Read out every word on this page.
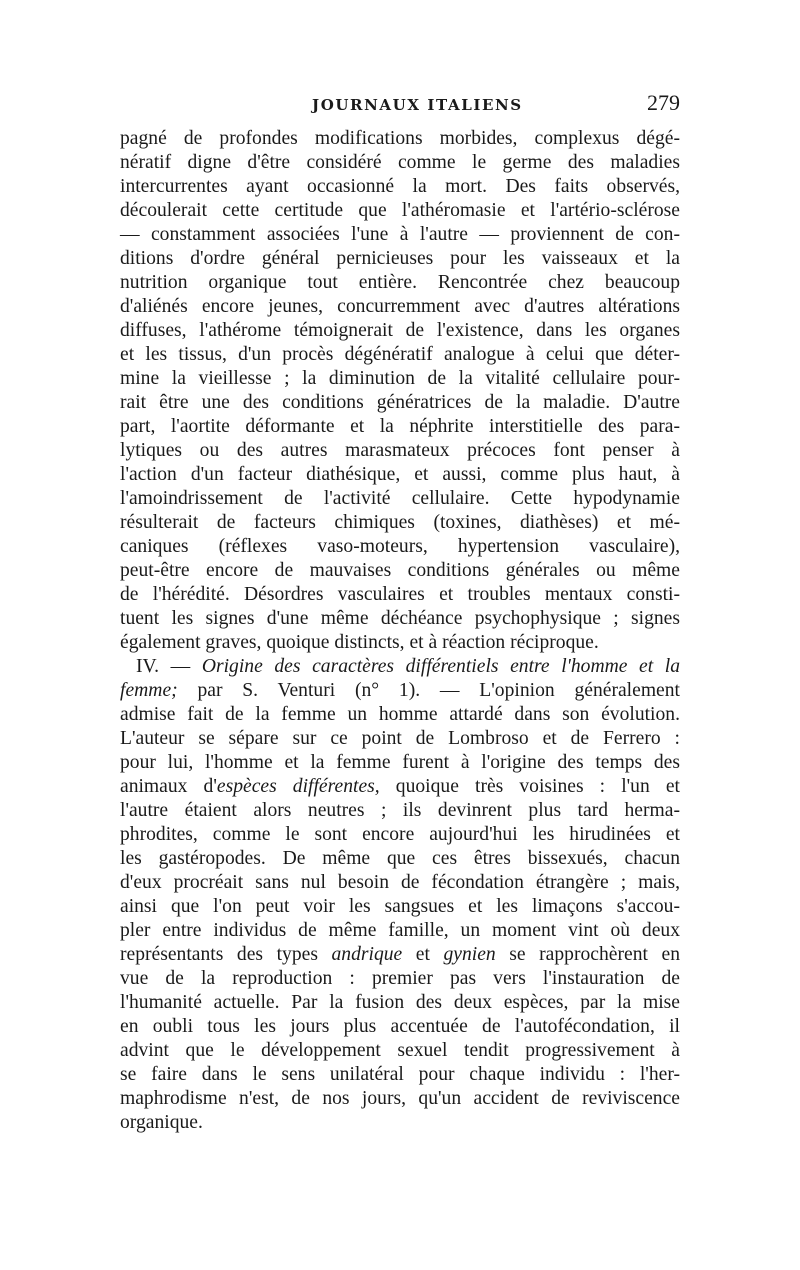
JOURNAUX ITALIENS	279
pagné de profondes modifications morbides, complexus dégé-
nératif digne d'être considéré comme le germe des maladies
intercurrentes ayant occasionné la mort. Des faits observés,
découlerait cette certitude que l'athéromasie et l'artério-sclérose
— constamment associées l'une à l'autre — proviennent de con-
ditions d'ordre général pernicieuses pour les vaisseaux et la
nutrition organique tout entière. Rencontrée chez beaucoup
d'aliénés encore jeunes, concurremment avec d'autres altérations
diffuses, l'athérome témoignerait de l'existence, dans les organes
et les tissus, d'un procès dégénératif analogue à celui que déter-
mine la vieillesse ; la diminution de la vitalité cellulaire pour-
rait être une des conditions génératrices de la maladie. D'autre
part, l'aortite déformante et la néphrite interstitielle des para-
lytiques ou des autres marasmateux précoces font penser à
l'action d'un facteur diathésique, et aussi, comme plus haut, à
l'amoindrissement de l'activité cellulaire. Cette hypodynamie
résulterait de facteurs chimiques (toxines, diathèses) et mé-
caniques (réflexes vaso-moteurs, hypertension vasculaire),
peut-être encore de mauvaises conditions générales ou même
de l'hérédité. Désordres vasculaires et troubles mentaux consti-
tuent les signes d'une même déchéance psychophysique ; signes
également graves, quoique distincts, et à réaction réciproque.
IV. — Origine des caractères différentiels entre l'homme et la
femme; par S. Venturi (n° 1). — L'opinion généralement
admise fait de la femme un homme attardé dans son évolution.
L'auteur se sépare sur ce point de Lombroso et de Ferrero :
pour lui, l'homme et la femme furent à l'origine des temps des
animaux d'espèces différentes, quoique très voisines : l'un et
l'autre étaient alors neutres ; ils devinrent plus tard herma-
phrodites, comme le sont encore aujourd'hui les hirudinées et
les gastéropodes. De même que ces êtres bissexués, chacun
d'eux procréait sans nul besoin de fécondation étrangère ; mais,
ainsi que l'on peut voir les sangsues et les limaçons s'accou-
pler entre individus de même famille, un moment vint où deux
représentants des types andrique et gynien se rapprochèrent en
vue de la reproduction : premier pas vers l'instauration de
l'humanité actuelle. Par la fusion des deux espèces, par la mise
en oubli tous les jours plus accentuée de l'autofécondation, il
advint que le développement sexuel tendit progressivement à
se faire dans le sens unilatéral pour chaque individu : l'her-
maphrodisme n'est, de nos jours, qu'un accident de reviviscence
organique.
